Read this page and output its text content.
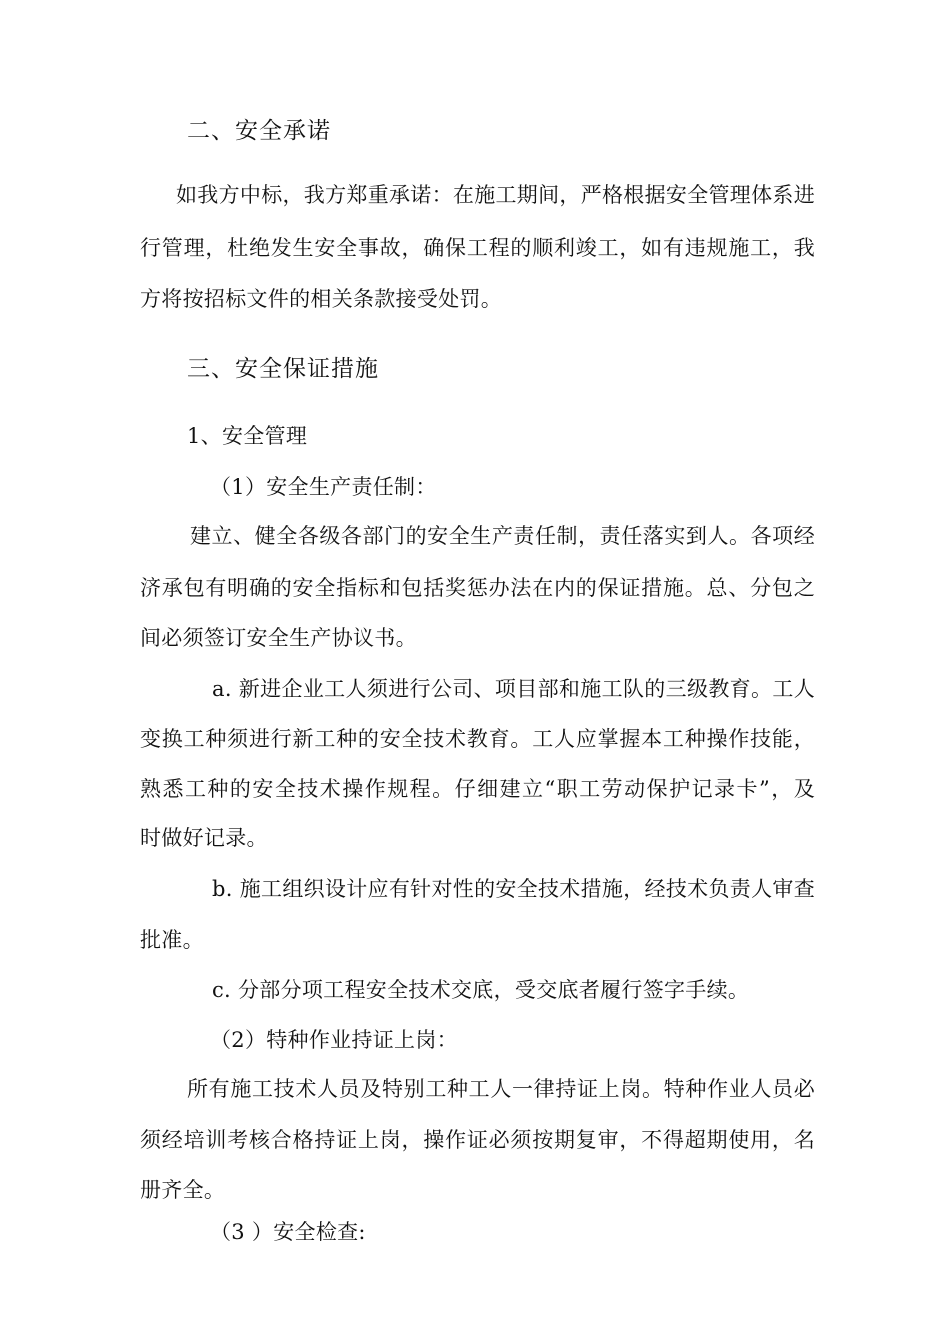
二、安全承诺
如我方中标，我方郑重承诺：在施工期间，严格根据安全管理体系进
行管理，杜绝发生安全事故，确保工程的顺利竣工，如有违规施工，我
方将按招标文件的相关条款接受处罚。
三、安全保证措施
1、安全管理
（1）安全生产责任制：
建立、健全各级各部门的安全生产责任制，责任落实到人。各项经
济承包有明确的安全指标和包括奖惩办法在内的保证措施。总、分包之
间必须签订安全生产协议书。
a. 新进企业工人须进行公司、项目部和施工队的三级教育。工人
变换工种须进行新工种的安全技术教育。工人应掌握本工种操作技能，
熟悉工种的安全技术操作规程。仔细建立“职工劳动保护记录卡”，及
时做好记录。
b. 施工组织设计应有针对性的安全技术措施，经技术负责人审查
批准。
c. 分部分项工程安全技术交底，受交底者履行签字手续。
（2）特种作业持证上岗：
所有施工技术人员及特别工种工人一律持证上岗。特种作业人员必
须经培训考核合格持证上岗，操作证必须按期复审，不得超期使用，名
册齐全。
（3 ）安全检查:
